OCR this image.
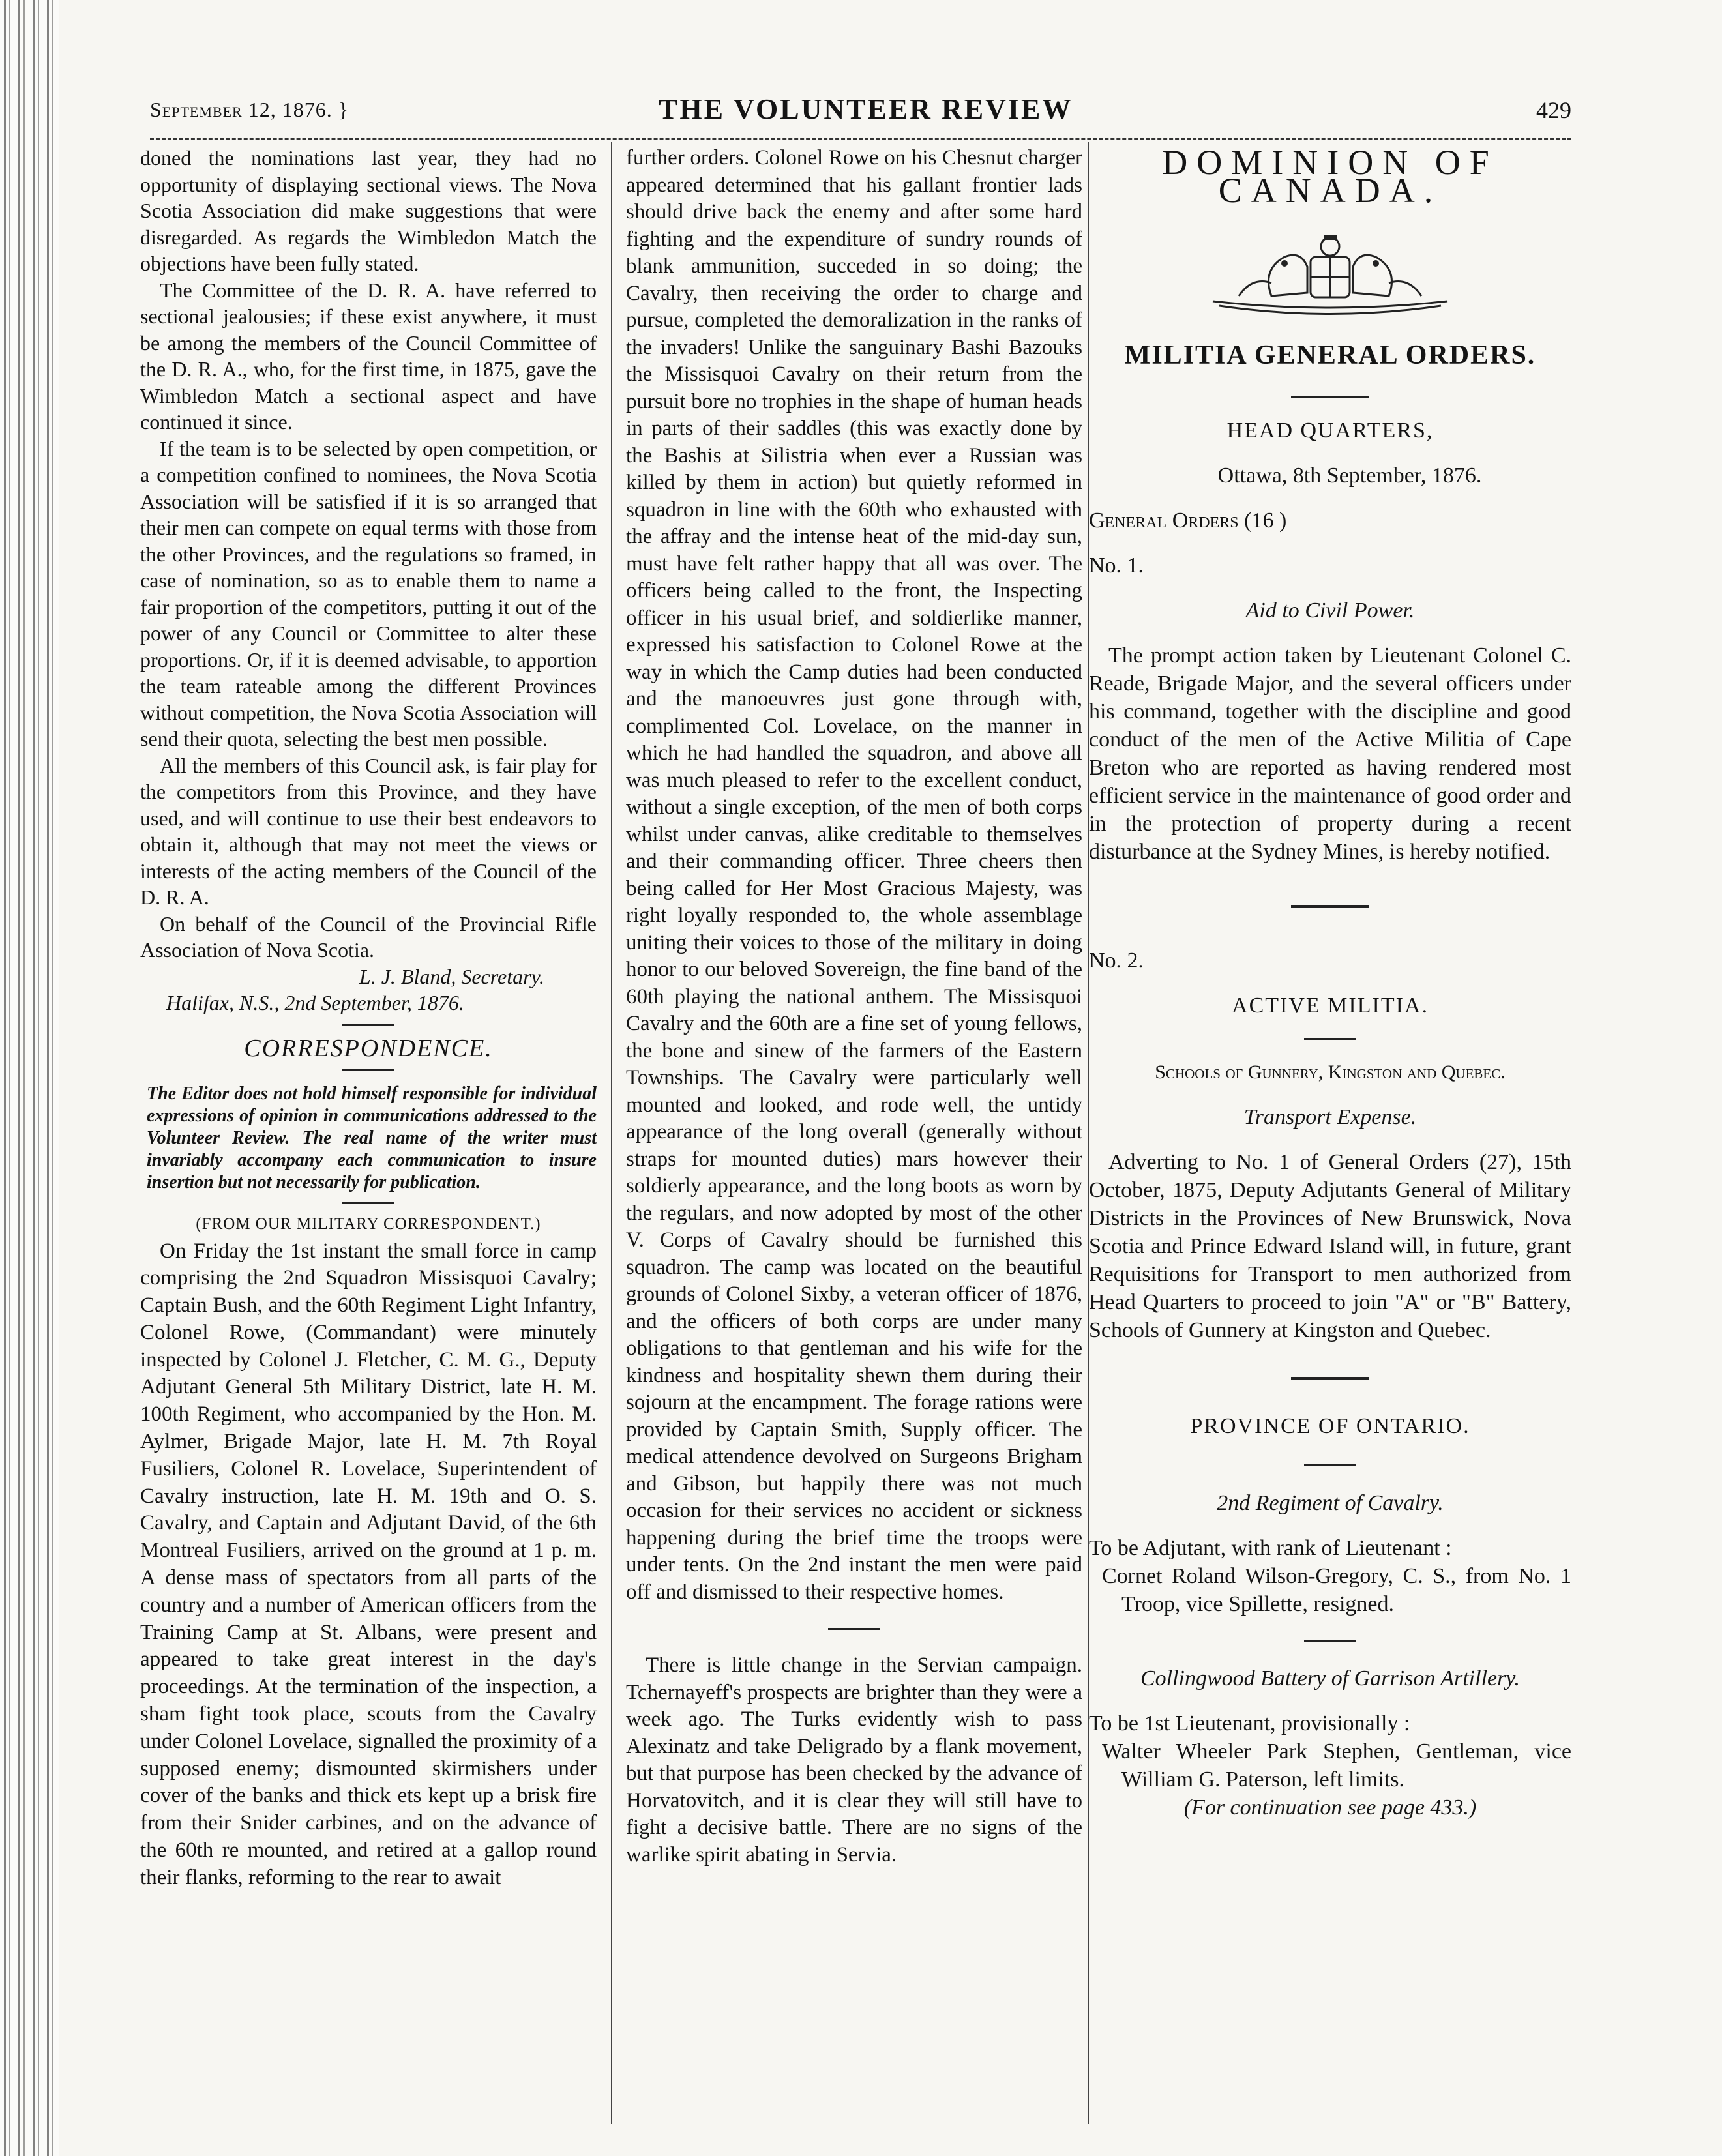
September 12, 1876. }	THE VOLUNTEER REVIEW	429

doned the nominations last year, they had no opportunity of displaying sectional views. The Nova Scotia Association did make suggestions that were disregarded. As regards the Wimbledon Match the objections have been fully stated.

The Committee of the D. R. A. have referred to sectional jealousies; if these exist anywhere, it must be among the members of the Council Committee of the D. R. A., who, for the first time, in 1875, gave the Wimbledon Match a sectional aspect and have continued it since.

If the team is to be selected by open competition, or a competition confined to nominees, the Nova Scotia Association will be satisfied if it is so arranged that their men can compete on equal terms with those from the other Provinces, and the regulations so framed, in case of nomination, so as to enable them to name a fair proportion of the competitors, putting it out of the power of any Council or Committee to alter these proportions. Or, if it is deemed advisable, to apportion the team rateable among the different Provinces without competition, the Nova Scotia Association will send their quota, selecting the best men possible.

All the members of this Council ask, is fair play for the competitors from this Province, and they have used, and will continue to use their best endeavors to obtain it, although that may not meet the views or interests of the acting members of the Council of the D. R. A.

On behalf of the Council of the Provincial Rifle Association of Nova Scotia.

L. J. Bland, Secretary.

Halifax, N.S., 2nd September, 1876.

CORRESPONDENCE.

The Editor does not hold himself responsible for individual expressions of opinion in communications addressed to the Volunteer Review. The real name of the writer must invariably accompany each communication to insure insertion but not necessarily for publication.

(FROM OUR MILITARY CORRESPONDENT.)

On Friday the 1st instant the small force in camp comprising the 2nd Squadron Missisquoi Cavalry; Captain Bush, and the 60th Regiment Light Infantry, Colonel Rowe, (Commandant) were minutely inspected by Colonel J. Fletcher, C. M. G., Deputy Adjutant General 5th Military District, late H. M. 100th Regiment, who accompanied by the Hon. M. Aylmer, Brigade Major, late H. M. 7th Royal Fusiliers, Colonel R. Lovelace, Superintendent of Cavalry instruction, late H. M. 19th and O. S. Cavalry, and Captain and Adjutant David, of the 6th Montreal Fusiliers, arrived on the ground at 1 p. m. A dense mass of spectators from all parts of the country and a number of American officers from the Training Camp at St. Albans, were present and appeared to take great interest in the day's proceedings. At the termination of the inspection, a sham fight took place, scouts from the Cavalry under Colonel Lovelace, signalled the proximity of a supposed enemy; dismounted skirmishers under cover of the banks and thick ets kept up a brisk fire from their Snider carbines, and on the advance of the 60th re mounted, and retired at a gallop round their flanks, reforming to the rear to await

further orders. Colonel Rowe on his Chesnut charger appeared determined that his gallant frontier lads should drive back the enemy and after some hard fighting and the expenditure of sundry rounds of blank ammunition, succeded in so doing; the Cavalry, then receiving the order to charge and pursue, completed the demoralization in the ranks of the invaders! Unlike the sanguinary Bashi Bazouks the Missisquoi Cavalry on their return from the pursuit bore no trophies in the shape of human heads in parts of their saddles (this was exactly done by the Bashis at Silistria when ever a Russian was killed by them in action) but quietly reformed in squadron in line with the 60th who exhausted with the affray and the intense heat of the mid-day sun, must have felt rather happy that all was over. The officers being called to the front, the Inspecting officer in his usual brief, and soldierlike manner, expressed his satisfaction to Colonel Rowe at the way in which the Camp duties had been conducted and the manoeuvres just gone through with, complimented Col. Lovelace, on the manner in which he had handled the squadron, and above all was much pleased to refer to the excellent conduct, without a single exception, of the men of both corps whilst under canvas, alike creditable to themselves and their commanding officer. Three cheers then being called for Her Most Gracious Majesty, was right loyally responded to, the whole assemblage uniting their voices to those of the military in doing honor to our beloved Sovereign, the fine band of the 60th playing the national anthem. The Missisquoi Cavalry and the 60th are a fine set of young fellows, the bone and sinew of the farmers of the Eastern Townships. The Cavalry were particularly well mounted and looked, and rode well, the untidy appearance of the long overall (generally without straps for mounted duties) mars however their soldierly appearance, and the long boots as worn by the regulars, and now adopted by most of the other V. Corps of Cavalry should be furnished this squadron. The camp was located on the beautiful grounds of Colonel Sixby, a veteran officer of 1876, and the officers of both corps are under many obligations to that gentleman and his wife for the kindness and hospitality shewn them during their sojourn at the encampment. The forage rations were provided by Captain Smith, Supply officer. The medical attendence devolved on Surgeons Brigham and Gibson, but happily there was not much occasion for their services no accident or sickness happening during the brief time the troops were under tents. On the 2nd instant the men were paid off and dismissed to their respective homes.

There is little change in the Servian campaign. Tchernayeff's prospects are brighter than they were a week ago. The Turks evidently wish to pass Alexinatz and take Deligrado by a flank movement, but that purpose has been checked by the advance of Horvatovitch, and it is clear they will still have to fight a decisive battle. There are no signs of the warlike spirit abating in Servia.

DOMINION OF CANADA.
MILITIA GENERAL ORDERS.

HEAD QUARTERS,

Ottawa, 8th September, 1876.

General Orders (16 )

No. 1.

Aid to Civil Power.

The prompt action taken by Lieutenant Colonel C. Reade, Brigade Major, and the several officers under his command, together with the discipline and good conduct of the men of the Active Militia of Cape Breton who are reported as having rendered most efficient service in the maintenance of good order and in the protection of property during a recent disturbance at the Sydney Mines, is hereby notified.

No. 2.

ACTIVE MILITIA.

Schools of Gunnery, Kingston and Quebec.

Transport Expense.

Adverting to No. 1 of General Orders (27), 15th October, 1875, Deputy Adjutants General of Military Districts in the Provinces of New Brunswick, Nova Scotia and Prince Edward Island will, in future, grant Requisitions for Transport to men authorized from Head Quarters to proceed to join "A" or "B" Battery, Schools of Gunnery at Kingston and Quebec.

PROVINCE OF ONTARIO.

2nd Regiment of Cavalry.

To be Adjutant, with rank of Lieutenant :

Cornet Roland Wilson-Gregory, C. S., from No. 1 Troop, vice Spillette, resigned.

Collingwood Battery of Garrison Artillery.

To be 1st Lieutenant, provisionally :

Walter Wheeler Park Stephen, Gentleman, vice William G. Paterson, left limits.

(For continuation see page 433.)
